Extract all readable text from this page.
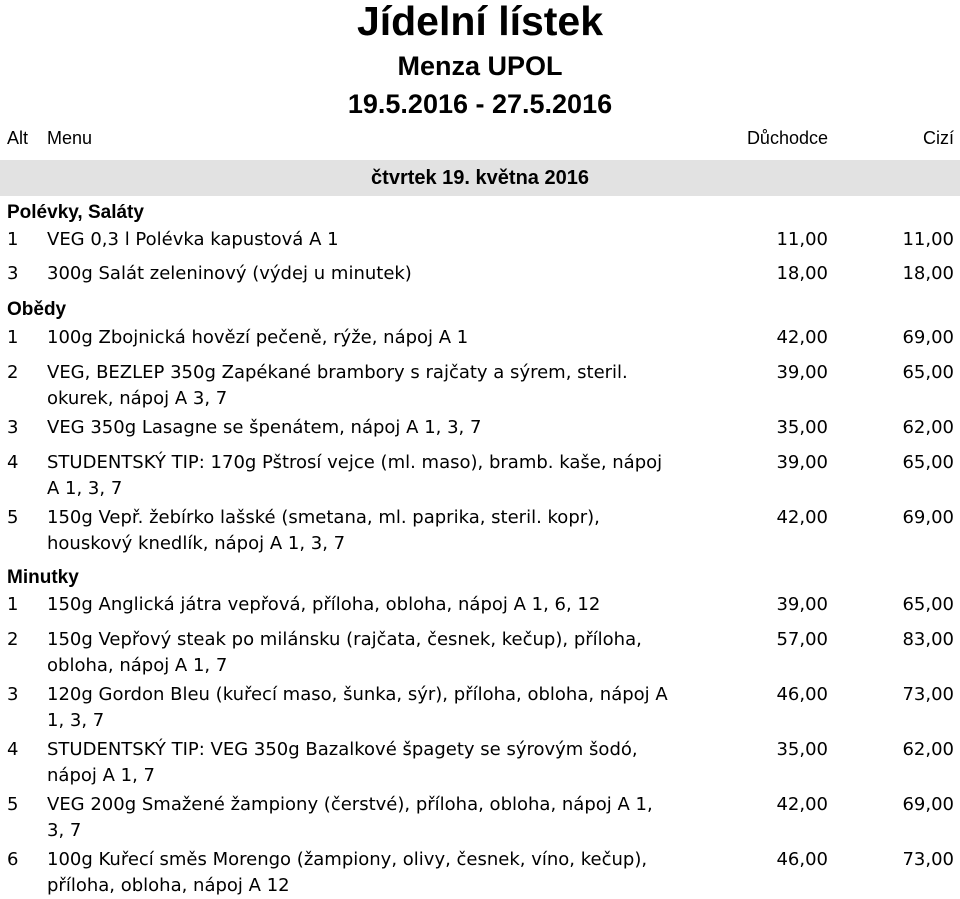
Jídelní lístek
Menza UPOL
19.5.2016 - 27.5.2016
Alt Menu	Důchodce	Cizí
čtvrtek 19. května 2016
Polévky, Saláty
1 VEG 0,3 l Polévka kapustová A 1	11,00	11,00
3 300g Salát zeleninový (výdej u minutek)	18,00	18,00
Obědy
1 100g Zbojnická hovězí pečeně, rýže, nápoj A 1	42,00	69,00
2 VEG, BEZLEP 350g Zapékané brambory s rajčaty a sýrem, steril.
okurek, nápoj A 3, 7
39,00	65,00
3 VEG 350g Lasagne se špenátem, nápoj A 1, 3, 7	35,00	62,00
4 STUDENTSKÝ TIP: 170g Pštrosí vejce (ml. maso), bramb. kaše, nápoj
A 1, 3, 7
39,00	65,00
5 150g Vepř. žebírko lašské (smetana, ml. paprika, steril. kopr),
houskový knedlík, nápoj A 1, 3, 7
42,00	69,00
Minutky
1 150g Anglická játra vepřová, příloha, obloha, nápoj A 1, 6, 12	39,00	65,00
2 150g Vepřový steak po milánsku (rajčata, česnek, kečup), příloha,
obloha, nápoj A 1, 7
57,00	83,00
3 120g Gordon Bleu (kuřecí maso, šunka, sýr), příloha, obloha, nápoj A
1, 3, 7
46,00	73,00
4 STUDENTSKÝ TIP: VEG 350g Bazalkové špagety se sýrovým šodó,
nápoj A 1, 7
35,00	62,00
5 VEG 200g Smažené žampiony (čerstvé), příloha, obloha, nápoj A 1,
3, 7
42,00	69,00
6 100g Kuřecí směs Morengo (žampiony, olivy, česnek, víno, kečup),
příloha, obloha, nápoj A 12
46,00	73,00
